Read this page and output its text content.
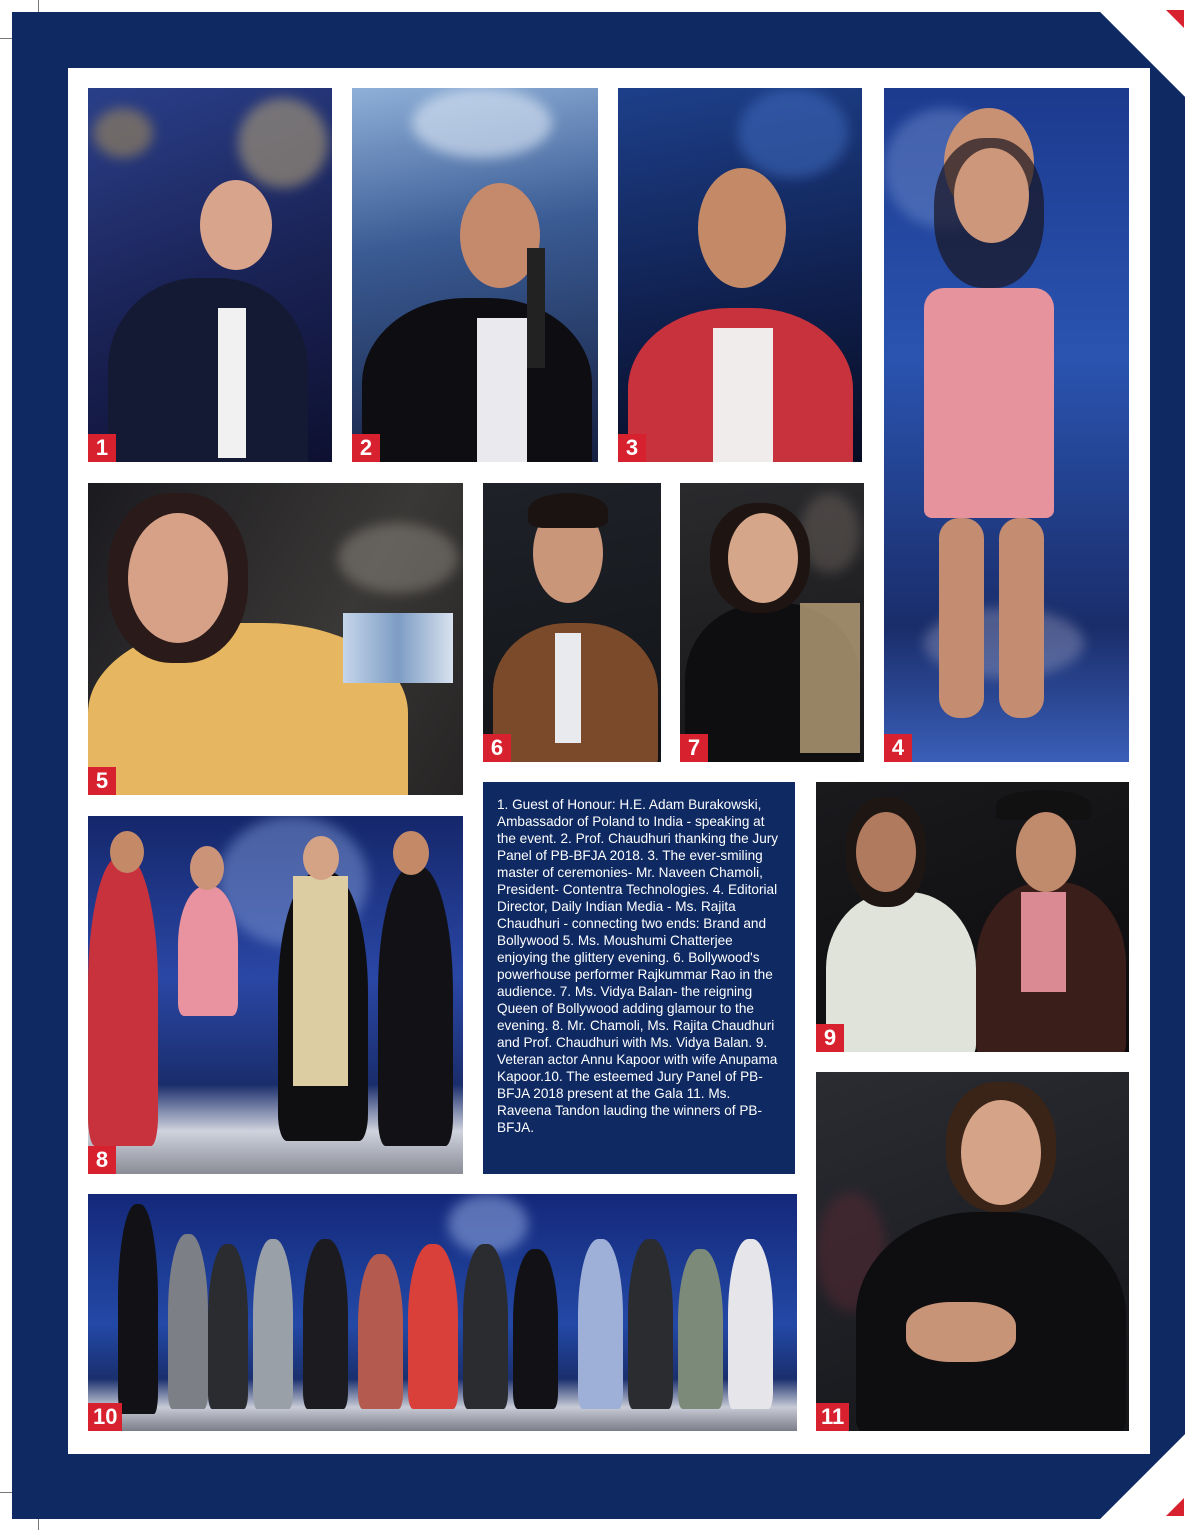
1	2	3
4
5
6	7

1. Guest of Honour: H.E. Adam Burakowski, Ambassador of Poland to India - speaking at the event. 2. Prof. Chaudhuri thanking the Jury Panel of PB-BFJA 2018. 3. The ever-smiling master of ceremonies- Mr. Naveen Chamoli, President- Contentra Technologies. 4. Editorial Director, Daily Indian Media - Ms. Rajita Chaudhuri - connecting two ends: Brand and Bollywood 5. Ms. Moushumi Chatterjee enjoying the glittery evening. 6. Bollywood's powerhouse performer Rajkummar Rao in the audience. 7. Ms. Vidya Balan- the reigning Queen of Bollywood adding glamour to the evening. 8. Mr. Chamoli, Ms. Rajita Chaudhuri and Prof. Chaudhuri with Ms. Vidya Balan. 9. Veteran actor Annu Kapoor with wife Anupama Kapoor.10. The esteemed Jury Panel of PB-BFJA 2018 present at the Gala 11. Ms. Raveena Tandon lauding the winners of PB-BFJA.

8
9
11
10
